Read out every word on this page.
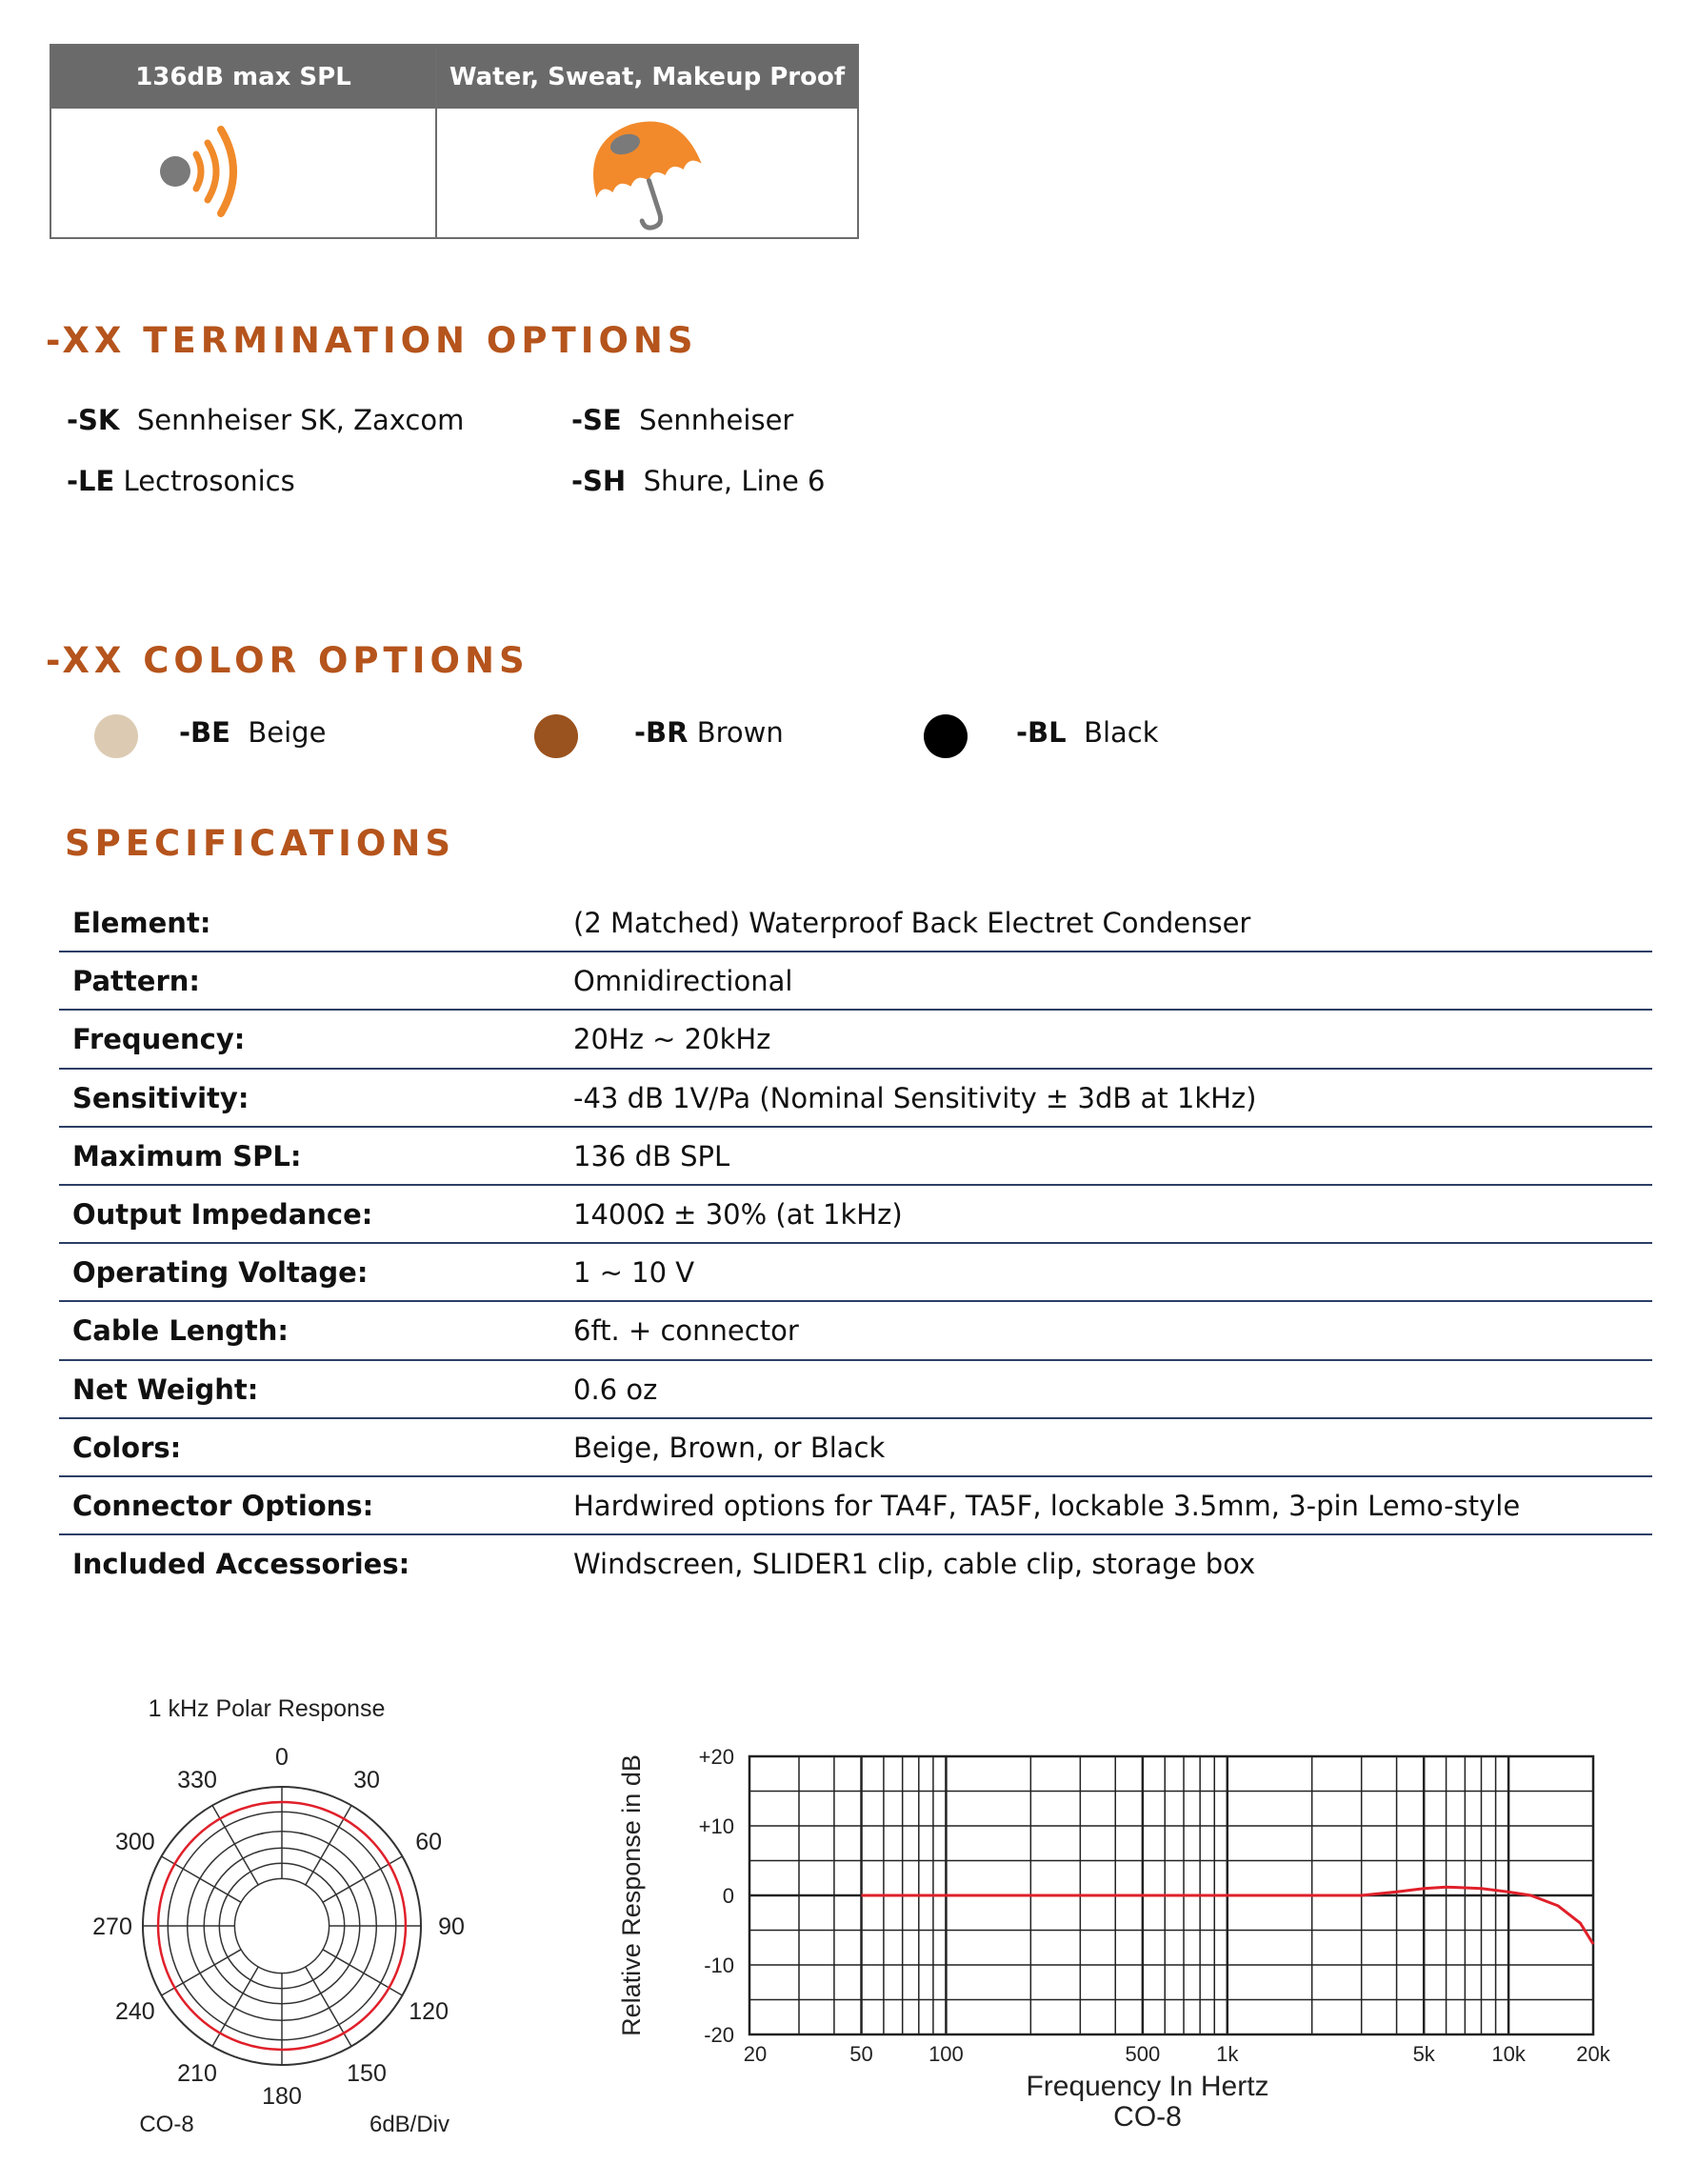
136dB max SPL	Water, Sweat, Makeup Proof
-XX TERMINATION OPTIONS
-SK Sennheiser SK, Zaxcom	-SE Sennheiser
-LE Lectrosonics	-SH Shure, Line 6
-XX COLOR OPTIONS
-BE Beige	-BR Brown	-BL Black
SPECIFICATIONS
Element:	(2 Matched) Waterproof Back Electret Condenser
Pattern:	Omnidirectional
Frequency:	20Hz ~ 20kHz
Sensitivity:	-43 dB 1V/Pa (Nominal Sensitivity ± 3dB at 1kHz)
Maximum SPL:	136 dB SPL
Output Impedance:	1400Ω ± 30% (at 1kHz)
Operating Voltage:	1 ~ 10 V
Cable Length:	6ft. + connector
Net Weight:	0.6 oz
Colors:	Beige, Brown, or Black
Connector Options:	Hardwired options for TA4F, TA5F, lockable 3.5mm, 3-pin Lemo-style
Included Accessories:	Windscreen, SLIDER1 clip, cable clip, storage box
1 kHz Polar Response
0
30
60
90
120
150
180
210
240
270
300
330
CO-8	6dB/Div
Relative Response in dB	+20
+10
0
-10
-20
20	50	100	500	1k	5k	10k 20k
Frequency In Hertz
CO-8
